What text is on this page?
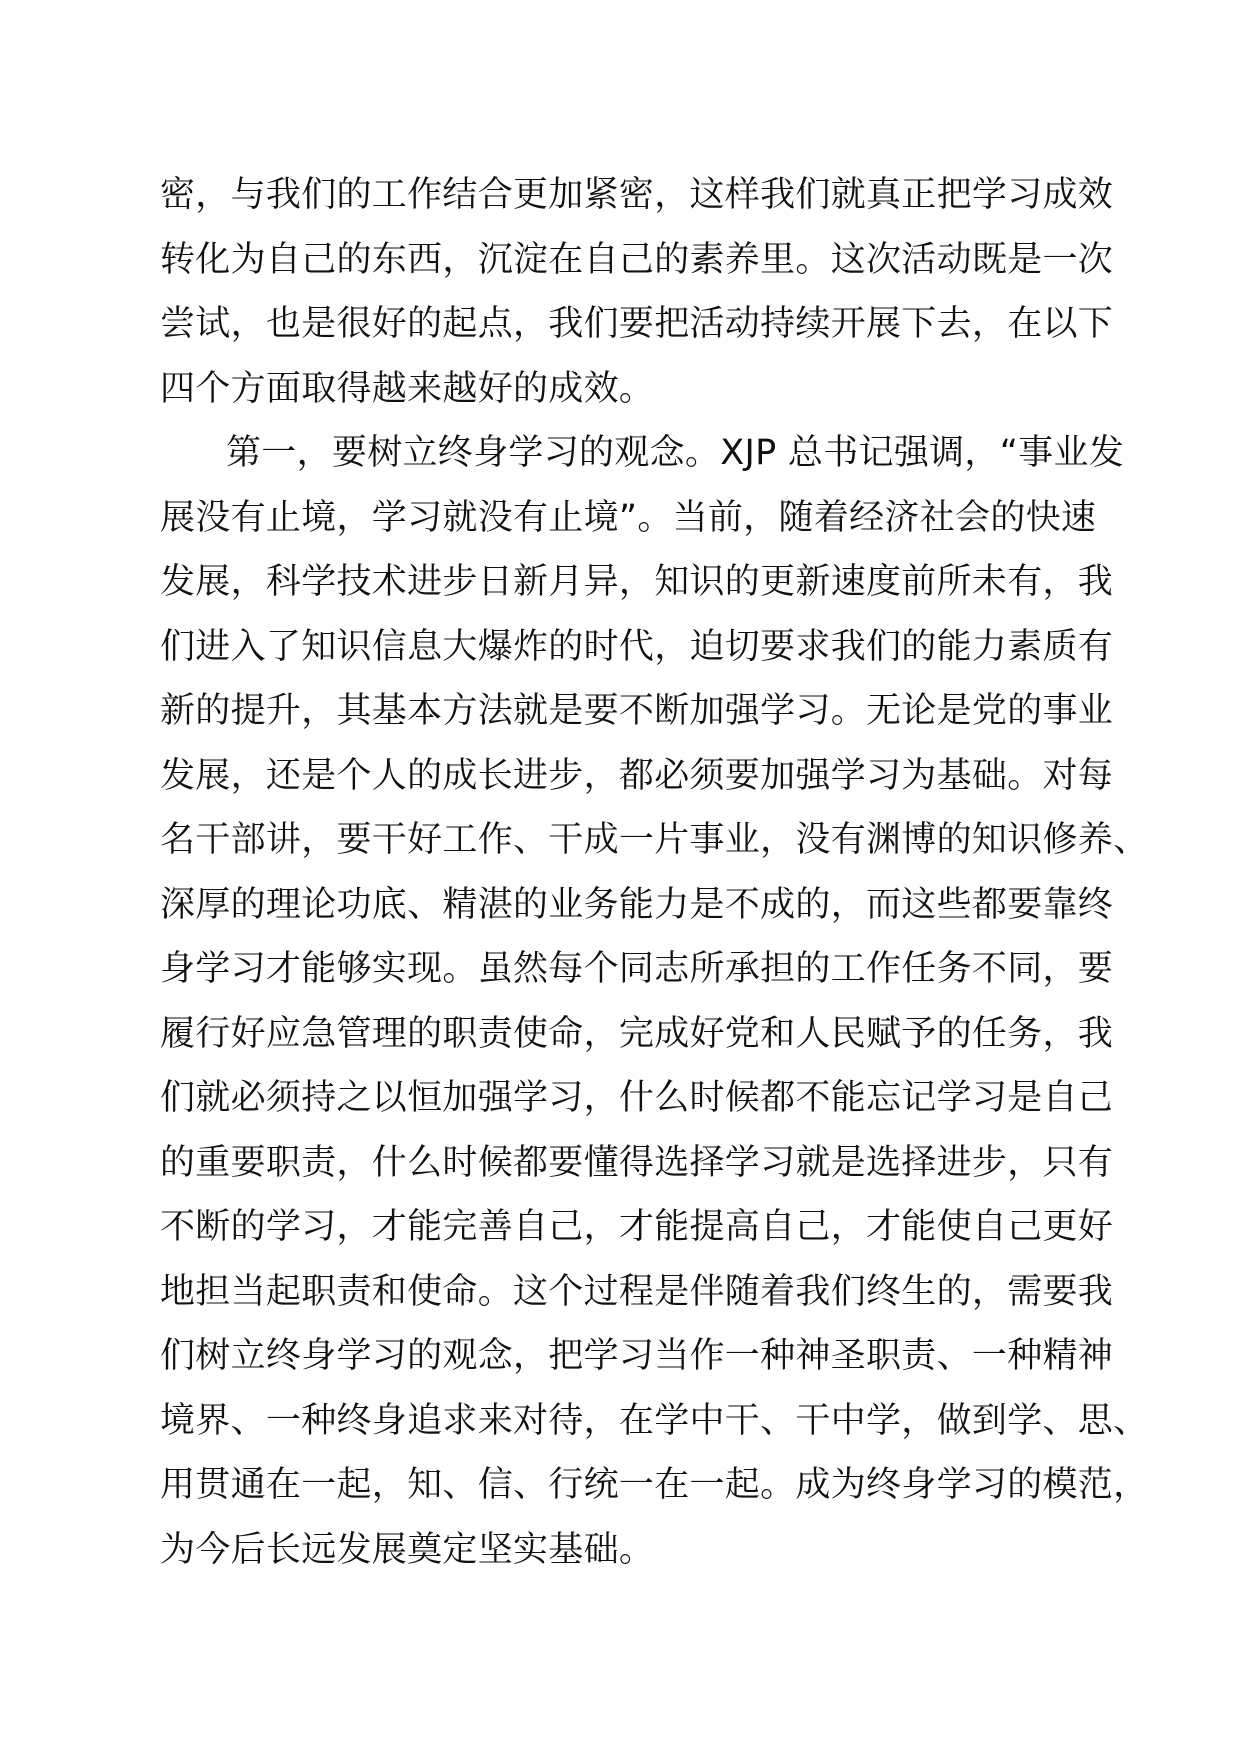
密，与我们的工作结合更加紧密，这样我们就真正把学习成效
转化为自己的东西，沉淀在自己的素养里。这次活动既是一次
尝试，也是很好的起点，我们要把活动持续开展下去，在以下
四个方面取得越来越好的成效。
第一，要树立终身学习的观念。XJP 总书记强调，“事业发
展没有止境，学习就没有止境”。当前，随着经济社会的快速
发展，科学技术进步日新月异，知识的更新速度前所未有，我
们进入了知识信息大爆炸的时代，迫切要求我们的能力素质有
新的提升，其基本方法就是要不断加强学习。无论是党的事业
发展，还是个人的成长进步，都必须要加强学习为基础。对每
名干部讲，要干好工作、干成一片事业，没有渊博的知识修养、
深厚的理论功底、精湛的业务能力是不成的，而这些都要靠终
身学习才能够实现。虽然每个同志所承担的工作任务不同，要
履行好应急管理的职责使命，完成好党和人民赋予的任务，我
们就必须持之以恒加强学习，什么时候都不能忘记学习是自己
的重要职责，什么时候都要懂得选择学习就是选择进步，只有
不断的学习，才能完善自己，才能提高自己，才能使自己更好
地担当起职责和使命。这个过程是伴随着我们终生的，需要我
们树立终身学习的观念，把学习当作一种神圣职责、一种精神
境界、一种终身追求来对待，在学中干、干中学，做到学、思、
用贯通在一起，知、信、行统一在一起。成为终身学习的模范，
为今后长远发展奠定坚实基础。
